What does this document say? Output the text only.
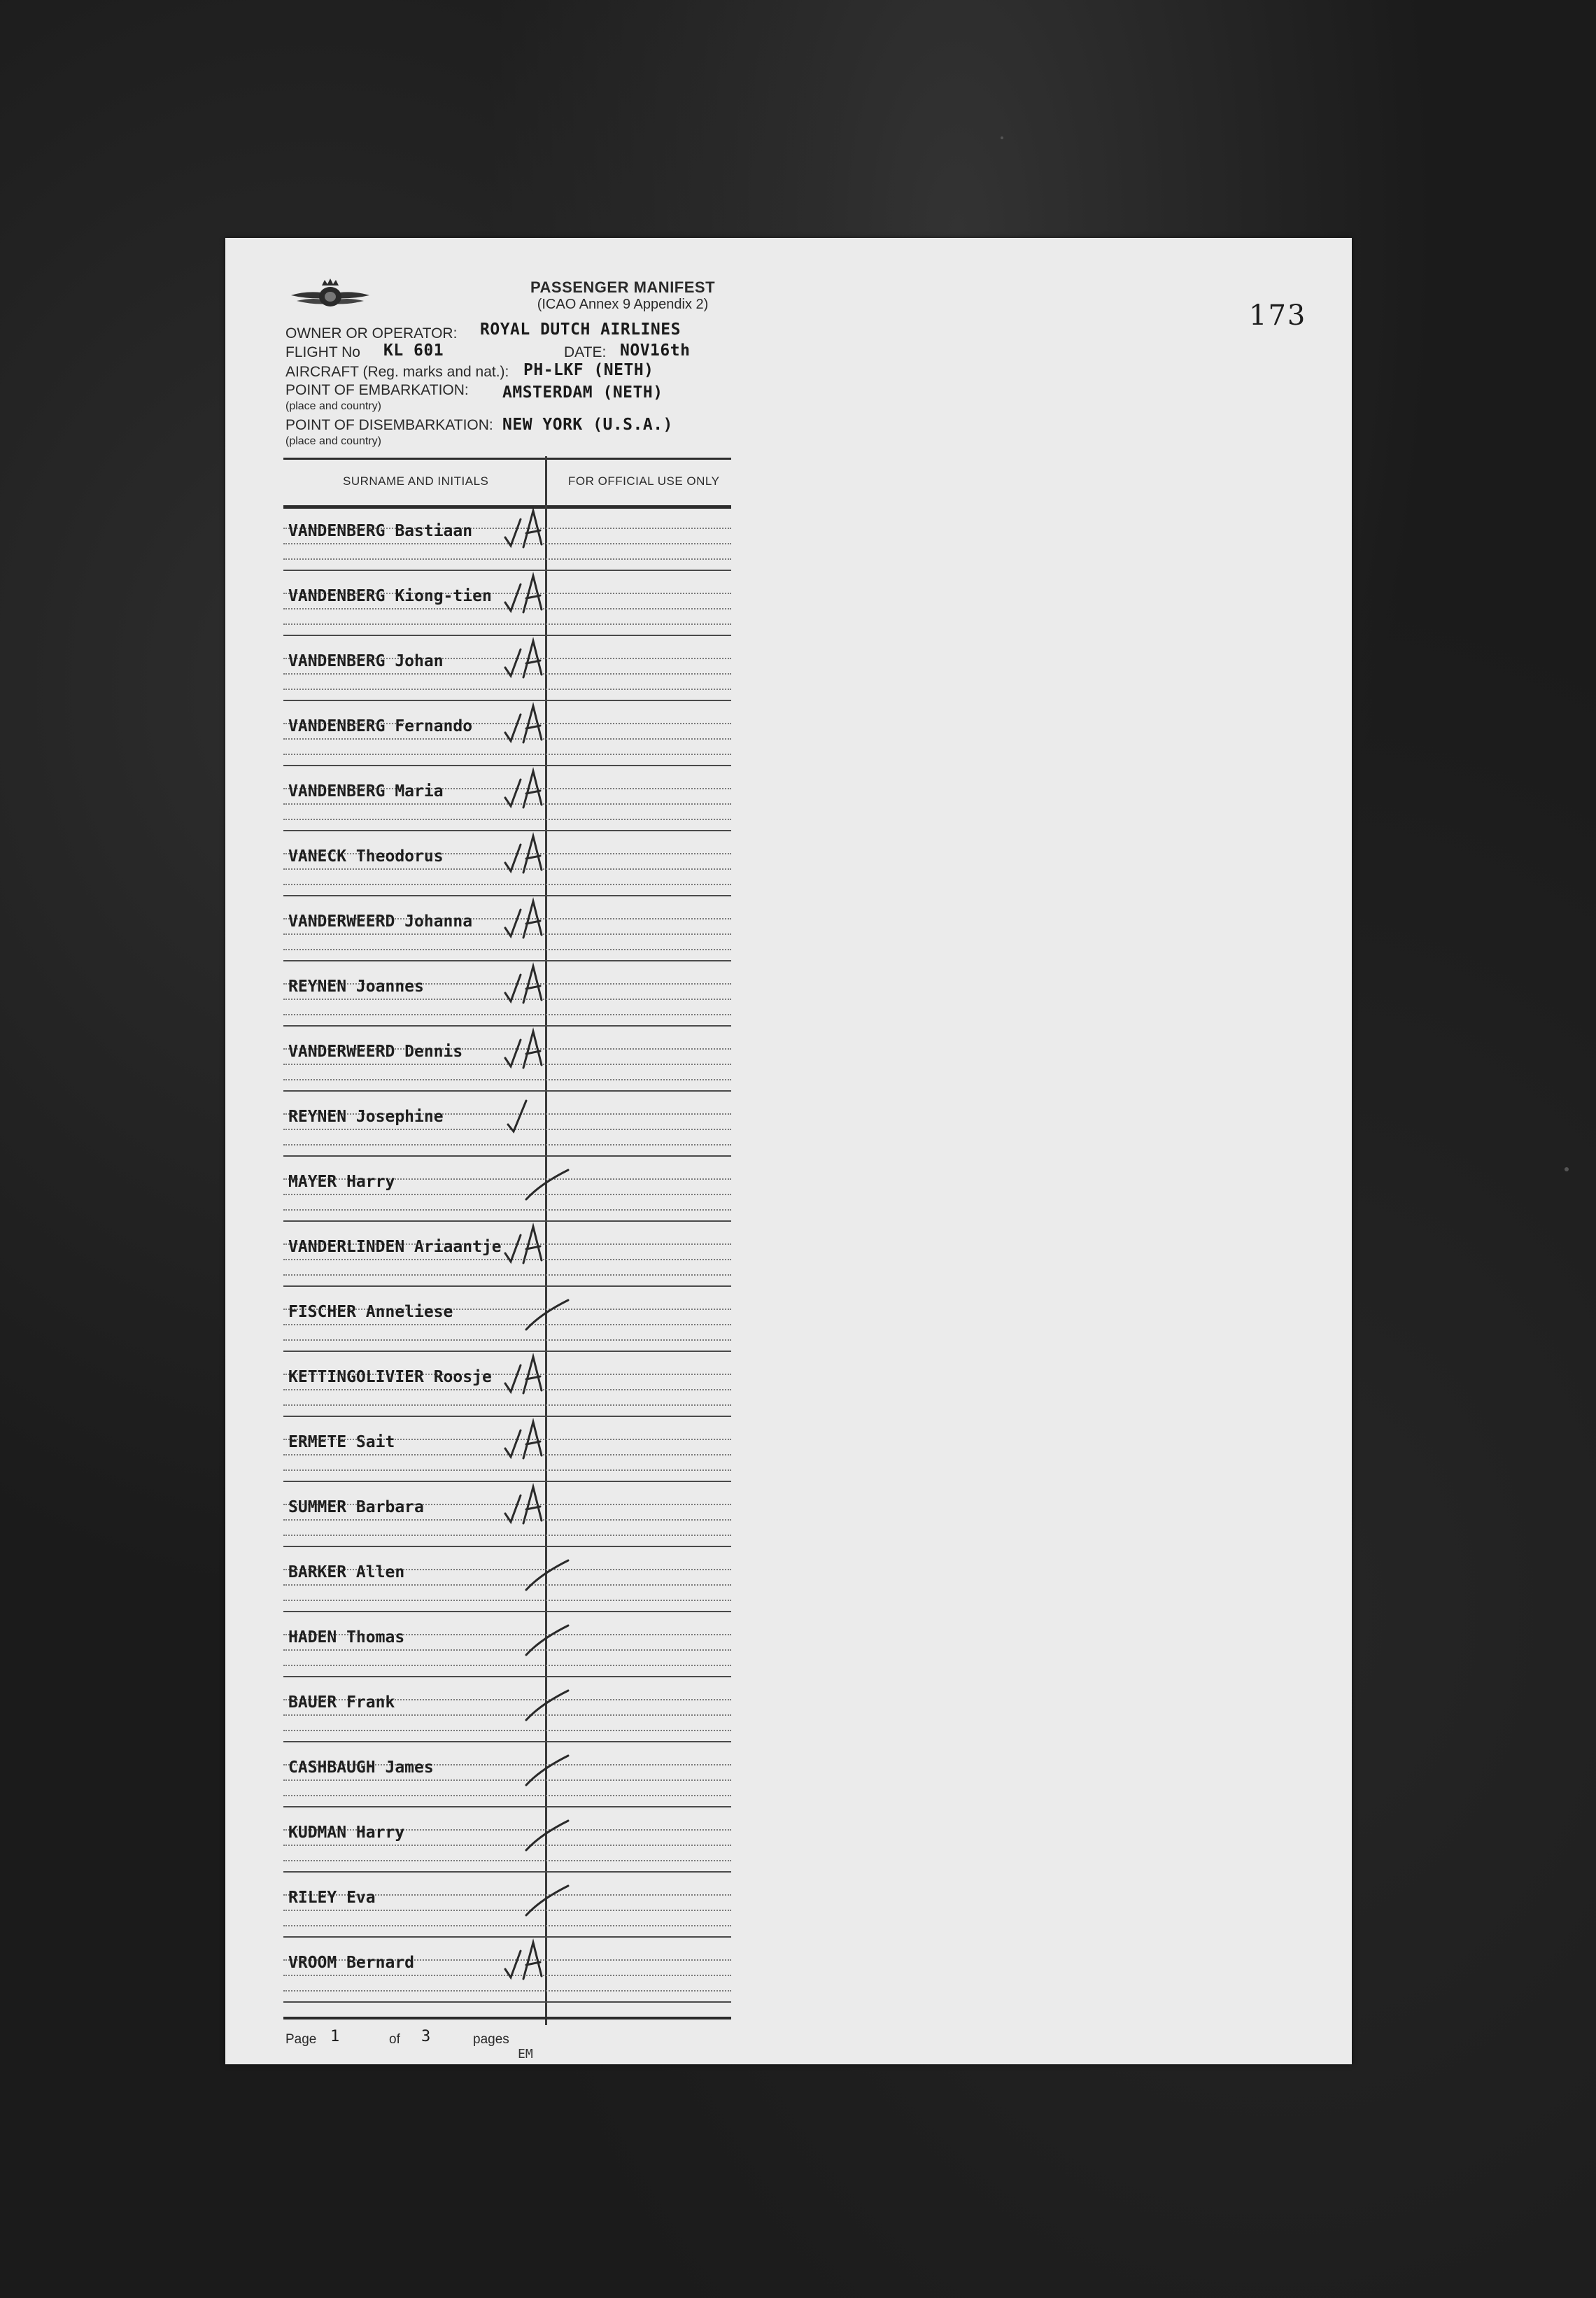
173
PASSENGER MANIFEST
(ICAO Annex 9 Appendix 2)
OWNER OR OPERATOR: ROYAL DUTCH AIRLINES
FLIGHT No KL 601	DATE: NOV16th
AIRCRAFT (Reg. marks and nat.): PH-LKF (NETH)
POINT OF EMBARKATION:
(place and country)
AMSTERDAM (NETH)
POINT OF DISEMBARKATION:
(place and country)
NEW YORK (U.S.A.)
SURNAME AND INITIALS	FOR OFFICIAL USE ONLY
VANDENBERG Bastiaan
VANDENBERG Kiong-tien
VANDENBERG Johan
VANDENBERG Fernando
VANDENBERG Maria
VANECK Theodorus
VANDERWEERD Johanna
REYNEN Joannes
VANDERWEERD Dennis
REYNEN Josephine
MAYER Harry
VANDERLINDEN Ariaantje
FISCHER Anneliese
KETTINGOLIVIER Roosje
ERMETE Sait
SUMMER Barbara
BARKER Allen
HADEN Thomas
BAUER Frank
CASHBAUGH James
KUDMAN Harry
RILEY Eva
VROOM Bernard
Page 1	of 3	pages
EM
